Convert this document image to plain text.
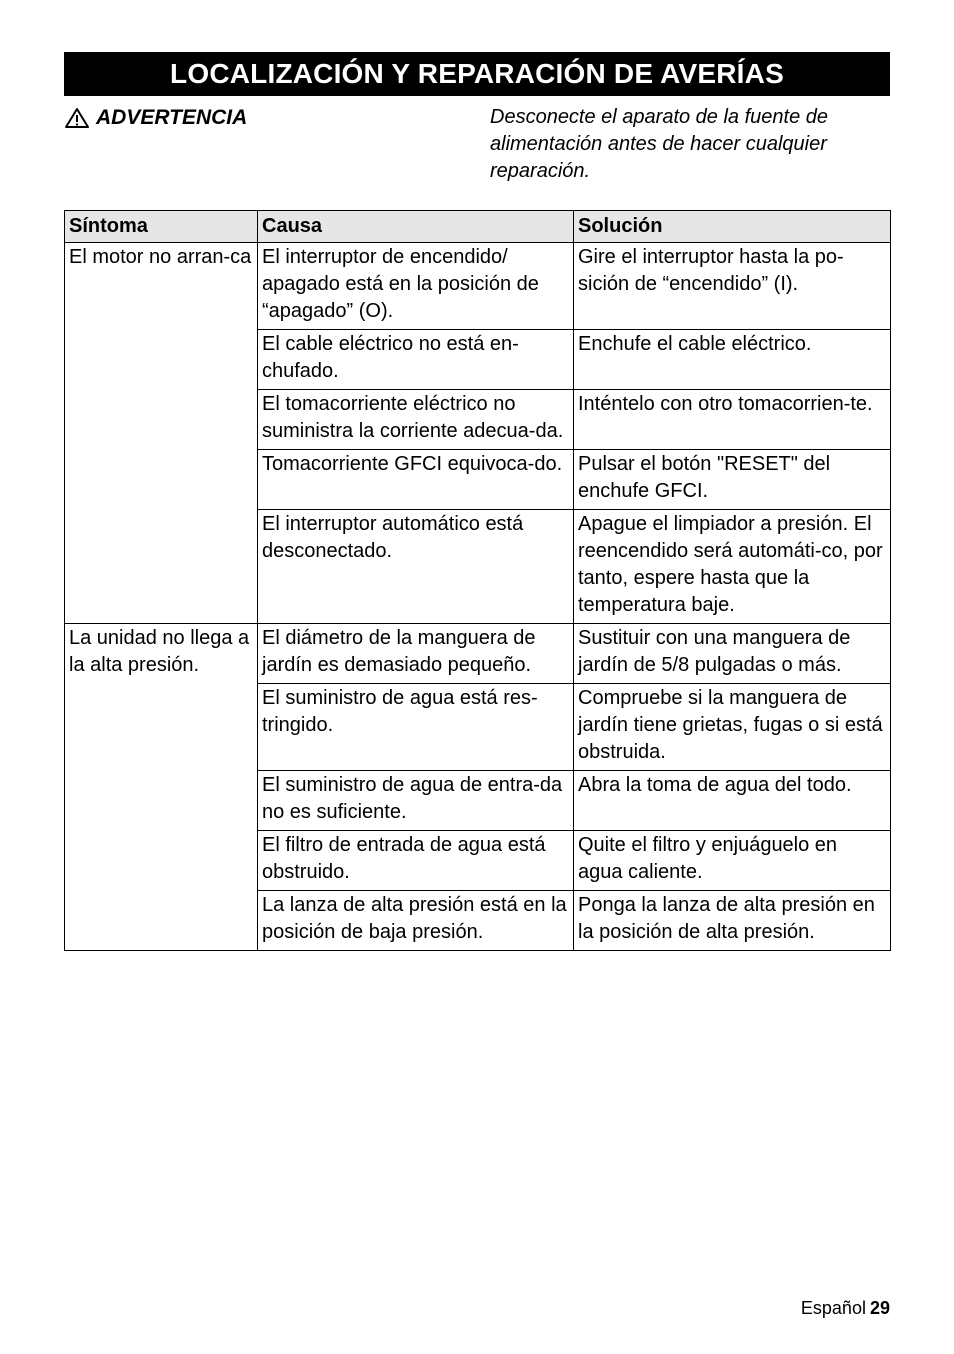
LOCALIZACIÓN Y REPARACIÓN DE AVERÍAS
ADVERTENCIA	Desconecte el aparato de la fuente de alimentación antes de hacer cualquier reparación.
Síntoma	Causa	Solución
El motor no arran-ca	El interruptor de encendido/ apagado está en la posición de “apagado” (O).	Gire el interruptor hasta la po-sición de “encendido” (I).
	El cable eléctrico no está en-chufado.	Enchufe el cable eléctrico.
	El tomacorriente eléctrico no suministra la corriente adecua-da.	Inténtelo con otro tomacorrien-te.
	Tomacorriente GFCI equivoca-do.	Pulsar el botón "RESET" del enchufe GFCI.
	El interruptor automático está desconectado.	Apague el limpiador a presión. El reencendido será automáti-co, por tanto, espere hasta que la temperatura baje.
La unidad no llega a la alta presión.	El diámetro de la manguera de jardín es demasiado pequeño.	Sustituir con una manguera de jardín de 5/8 pulgadas o más.
	El suministro de agua está res-tringido.	Compruebe si la manguera de jardín tiene grietas, fugas o si está obstruida.
	El suministro de agua de entra-da no es suficiente.	Abra la toma de agua del todo.
	El filtro de entrada de agua está obstruido.	Quite el filtro y enjuáguelo en agua caliente.
	La lanza de alta presión está en la posición de baja presión.	Ponga la lanza de alta presión en la posición de alta presión.
Español 29
